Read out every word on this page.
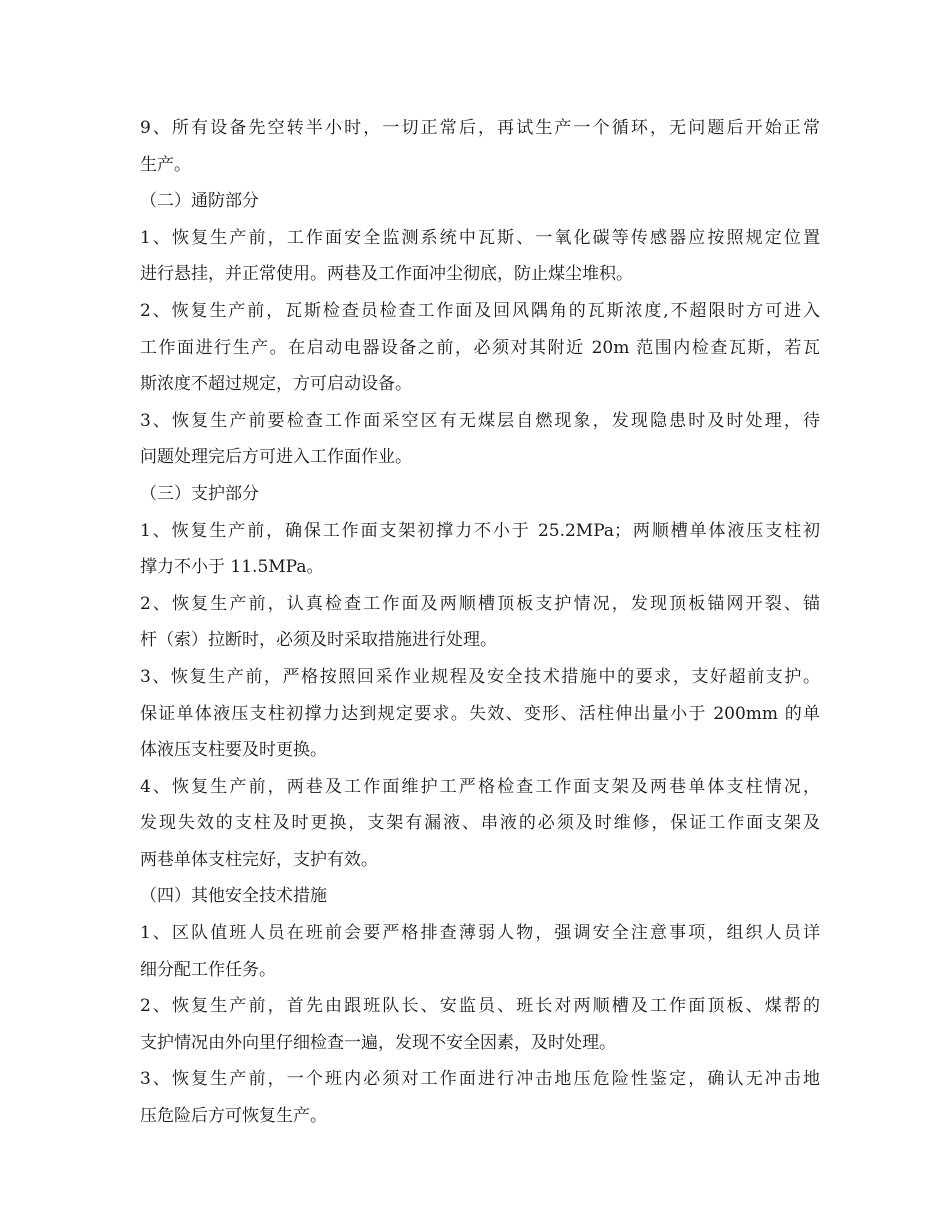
9、所有设备先空转半小时，一切正常后，再试生产一个循环，无问题后开始正常
生产。
（二）通防部分
1、恢复生产前，工作面安全监测系统中瓦斯、一氧化碳等传感器应按照规定位置
进行悬挂，并正常使用。两巷及工作面冲尘彻底，防止煤尘堆积。
2、恢复生产前，瓦斯检查员检查工作面及回风隅角的瓦斯浓度,不超限时方可进入
工作面进行生产。在启动电器设备之前，必须对其附近 20m 范围内检查瓦斯，若瓦
斯浓度不超过规定，方可启动设备。
3、恢复生产前要检查工作面采空区有无煤层自燃现象，发现隐患时及时处理，待
问题处理完后方可进入工作面作业。
（三）支护部分
1、恢复生产前，确保工作面支架初撑力不小于 25.2MPa；两顺槽单体液压支柱初
撑力不小于 11.5MPa。
2、恢复生产前，认真检查工作面及两顺槽顶板支护情况，发现顶板锚网开裂、锚
杆（索）拉断时，必须及时采取措施进行处理。
3、恢复生产前，严格按照回采作业规程及安全技术措施中的要求，支好超前支护。
保证单体液压支柱初撑力达到规定要求。失效、变形、活柱伸出量小于 200mm 的单
体液压支柱要及时更换。
4、恢复生产前，两巷及工作面维护工严格检查工作面支架及两巷单体支柱情况，
发现失效的支柱及时更换，支架有漏液、串液的必须及时维修，保证工作面支架及
两巷单体支柱完好，支护有效。
（四）其他安全技术措施
1、区队值班人员在班前会要严格排查薄弱人物，强调安全注意事项，组织人员详
细分配工作任务。
2、恢复生产前，首先由跟班队长、安监员、班长对两顺槽及工作面顶板、煤帮的
支护情况由外向里仔细检查一遍，发现不安全因素，及时处理。
3、恢复生产前，一个班内必须对工作面进行冲击地压危险性鉴定，确认无冲击地
压危险后方可恢复生产。
